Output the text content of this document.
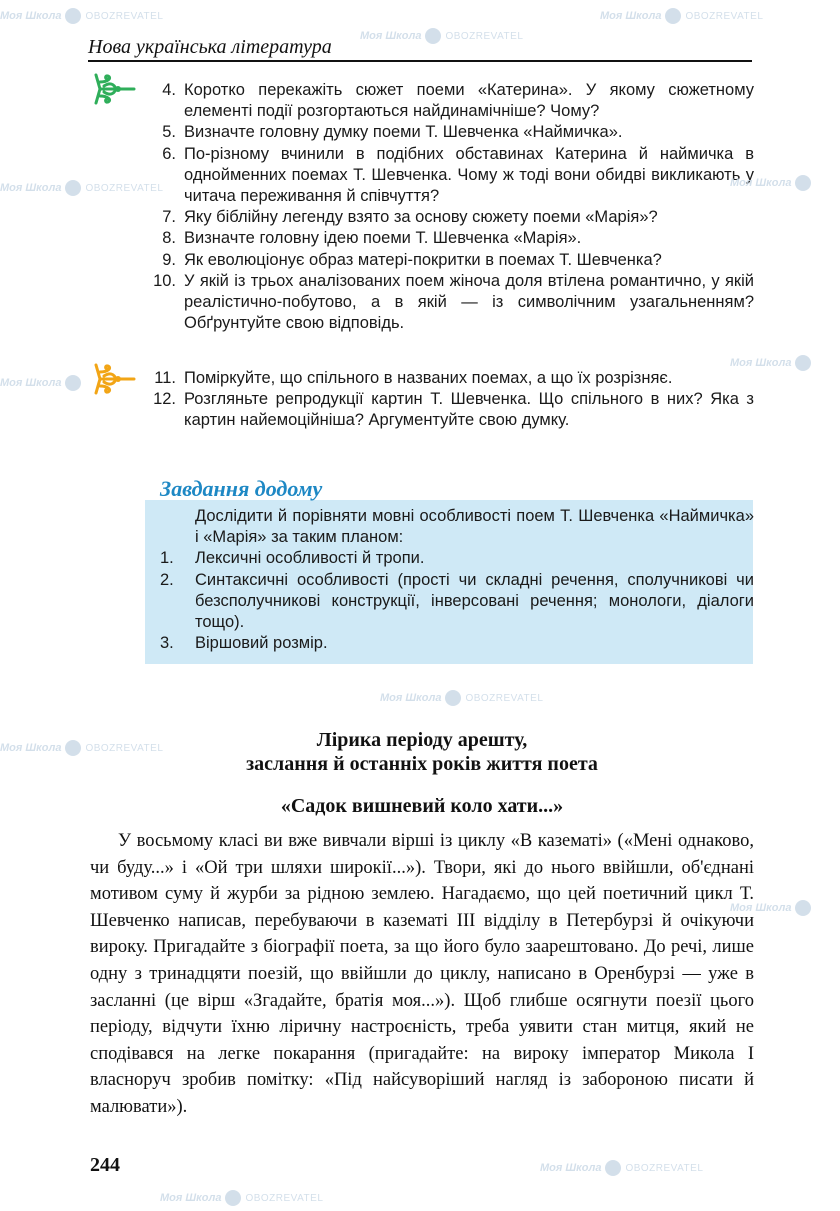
Нова українська література
4. Коротко перекажіть сюжет поеми «Катерина». У якому сюжетному елементі події розгортаються найдинамічніше? Чому?
5. Визначте головну думку поеми Т. Шевченка «Наймичка».
6. По-різному вчинили в подібних обставинах Катерина й наймичка в однойменних поемах Т. Шевченка. Чому ж тоді вони обидві викликають у читача переживання й співчуття?
7. Яку біблійну легенду взято за основу сюжету поеми «Марія»?
8. Визначте головну ідею поеми Т. Шевченка «Марія».
9. Як еволюціонує образ матері-покритки в поемах Т. Шевченка?
10. У якій із трьох аналізованих поем жіноча доля втілена романтично, у якій реалістично-побутово, а в якій — із символічним узагальненням? Обґрунтуйте свою відповідь.
11. Поміркуйте, що спільного в названих поемах, а що їх розрізняє.
12. Розгляньте репродукції картин Т. Шевченка. Що спільного в них? Яка з картин найемоційніша? Аргументуйте свою думку.
Завдання додому
Дослідити й порівняти мовні особливості поем Т. Шевченка «Наймичка» і «Марія» за таким планом:
1.	Лексичні особливості й тропи.
2.	Синтаксичні особливості (прості чи складні речення, сполучникові чи безсполучникові конструкції, інверсовані речення; монологи, діалоги тощо).
3.	Віршовий розмір.
Лірика періоду арешту,
заслання й останніх років життя поета
«Садок вишневий коло хати...»

У восьмому класі ви вже вивчали вірші із циклу «В казематі» («Мені однаково, чи буду...» і «Ой три шляхи широкії...»). Твори, які до нього ввійшли, об'єднані мотивом суму й журби за рідною землею. Нагадаємо, що цей поетичний цикл Т. Шевченко написав, перебуваючи в казематі ІІІ відділу в Петербурзі й очікуючи вироку. Пригадайте з біографії поета, за що його було заарештовано. До речі, лише одну з тринадцяти поезій, що ввійшли до циклу, написано в Оренбурзі — уже в засланні (це вірш «Згадайте, братія моя...»). Щоб глибше осягнути поезії цього періоду, відчути їхню ліричну настроєність, треба уявити стан митця, який не сподівався на легке покарання (пригадайте: на вироку імператор Микола І власноруч зробив помітку: «Під найсуворіший нагляд із забороною писати й малювати»).

244
Моя Школа OBOZREVATEL
Моя Школа OBOZREVATEL
Моя Школа OBOZREVATEL
Моя Школа OBOZREVATEL	Моя Школа
Моя Школа
Моя Школа
Моя Школа OBOZREVATEL
Моя Школа OBOZREVATEL
Моя Школа
Моя Школа OBOZREVATEL
Моя Школа OBOZREVATEL
